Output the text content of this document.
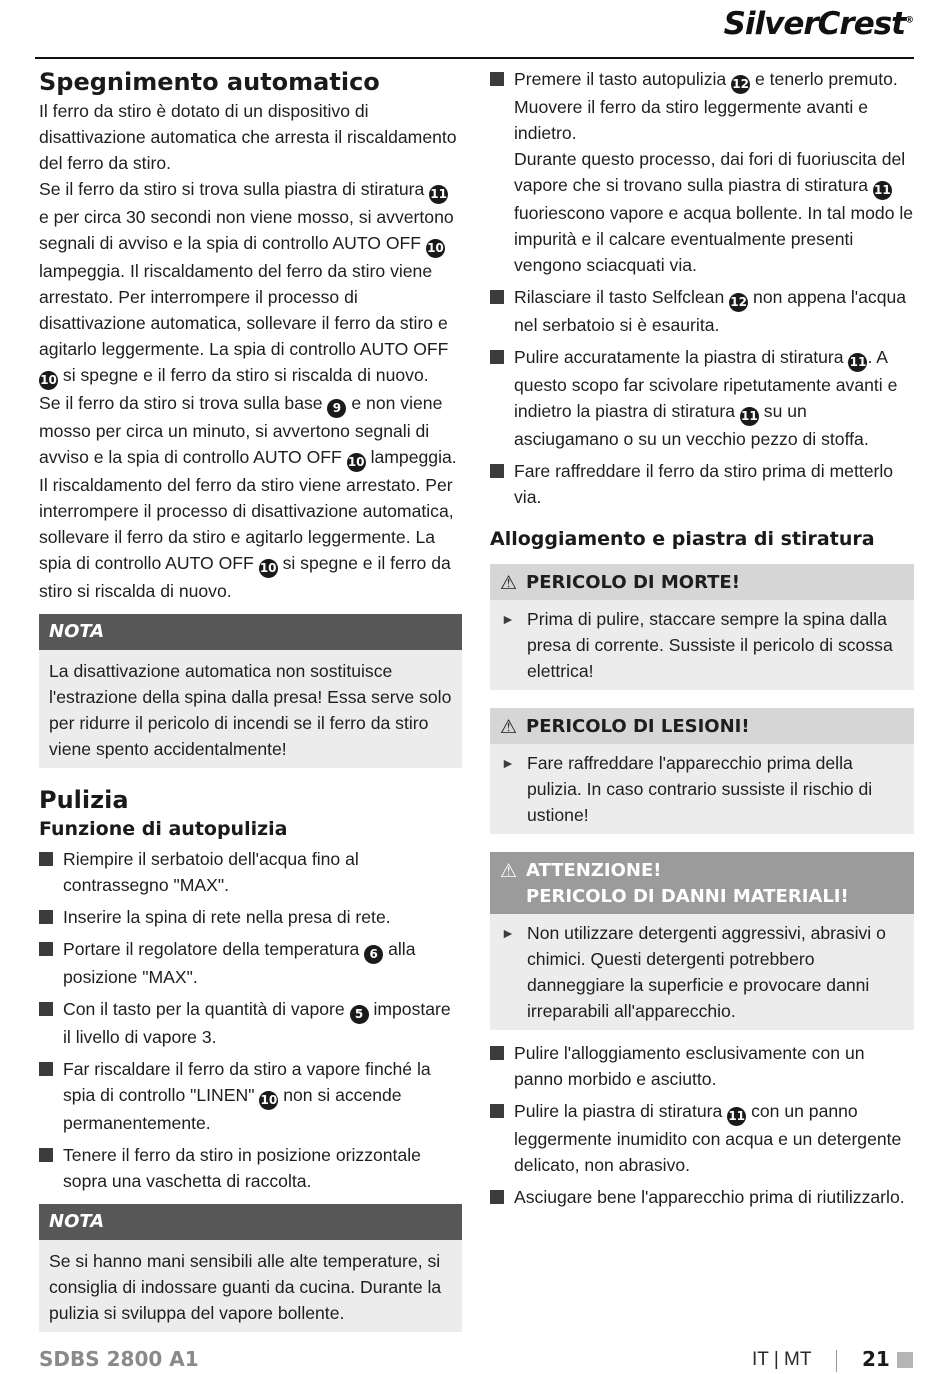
SilverCrest®
Spegnimento automatico

Il ferro da stiro è dotato di un dispositivo di disattivazione automatica che arresta il riscaldamento del ferro da stiro.

Se il ferro da stiro si trova sulla piastra di stiratura 11 e per circa 30 secondi non viene mosso, si avvertono segnali di avviso e la spia di controllo AUTO OFF 10 lampeggia. Il riscaldamento del ferro da stiro viene arrestato. Per interrompere il processo di disattivazione automatica, sollevare il ferro da stiro e agitarlo leggermente. La spia di controllo AUTO OFF 10 si spegne e il ferro da stiro si riscalda di nuovo.

Se il ferro da stiro si trova sulla base 9 e non viene mosso per circa un minuto, si avvertono segnali di avviso e la spia di controllo AUTO OFF 10 lampeggia. Il riscaldamento del ferro da stiro viene arrestato. Per interrompere il processo di disattivazione automatica, sollevare il ferro da stiro e agitarlo leggermente. La spia di controllo AUTO OFF 10 si spegne e il ferro da stiro si riscalda di nuovo.

NOTA
La disattivazione automatica non sostituisce l'estrazione della spina dalla presa! Essa serve solo per ridurre il pericolo di incendi se il ferro da stiro viene spento accidentalmente!
Pulizia
Funzione di autopulizia
Riempire il serbatoio dell'acqua fino al contrassegno "MAX".
Inserire la spina di rete nella presa di rete.
Portare il regolatore della temperatura 6 alla posizione "MAX".
Con il tasto per la quantità di vapore 5 impostare il livello di vapore 3.
Far riscaldare il ferro da stiro a vapore finché la spia di controllo "LINEN" 10 non si accende permanentemente.
Tenere il ferro da stiro in posizione orizzontale sopra una vaschetta di raccolta.
NOTA
Se si hanno mani sensibili alle alte temperature, si consiglia di indossare guanti da cucina. Durante la pulizia si sviluppa del vapore bollente.
Premere il tasto autopulizia 12 e tenerlo premuto. Muovere il ferro da stiro leggermente avanti e indietro.
Durante questo processo, dai fori di fuoriuscita del vapore che si trovano sulla piastra di stiratura 11 fuoriescono vapore e acqua bollente. In tal modo le impurità e il calcare eventualmente presenti vengono sciacquati via.
Rilasciare il tasto Selfclean 12 non appena l'acqua nel serbatoio si è esaurita.
Pulire accuratamente la piastra di stiratura 11. A questo scopo far scivolare ripetutamente avanti e indietro la piastra di stiratura 11 su un asciugamano o su un vecchio pezzo di stoffa.
Fare raffreddare il ferro da stiro prima di metterlo via.
Alloggiamento e piastra di stiratura
⚠ PERICOLO DI MORTE!
► Prima di pulire, staccare sempre la spina dalla presa di corrente. Sussiste il pericolo di scossa elettrica!
⚠ PERICOLO DI LESIONI!
► Fare raffreddare l'apparecchio prima della pulizia. In caso contrario sussiste il rischio di ustione!
⚠ ATTENZIONE!
PERICOLO DI DANNI MATERIALI!
► Non utilizzare detergenti aggressivi, abrasivi o chimici. Questi detergenti potrebbero danneggiare la superficie e provocare danni irreparabili all'apparecchio.
Pulire l'alloggiamento esclusivamente con un panno morbido e asciutto.
Pulire la piastra di stiratura 11 con un panno leggermente inumidito con acqua e un detergente delicato, non abrasivo.
Asciugare bene l'apparecchio prima di riutilizzarlo.
SDBS 2800 A1	IT | MT	21
